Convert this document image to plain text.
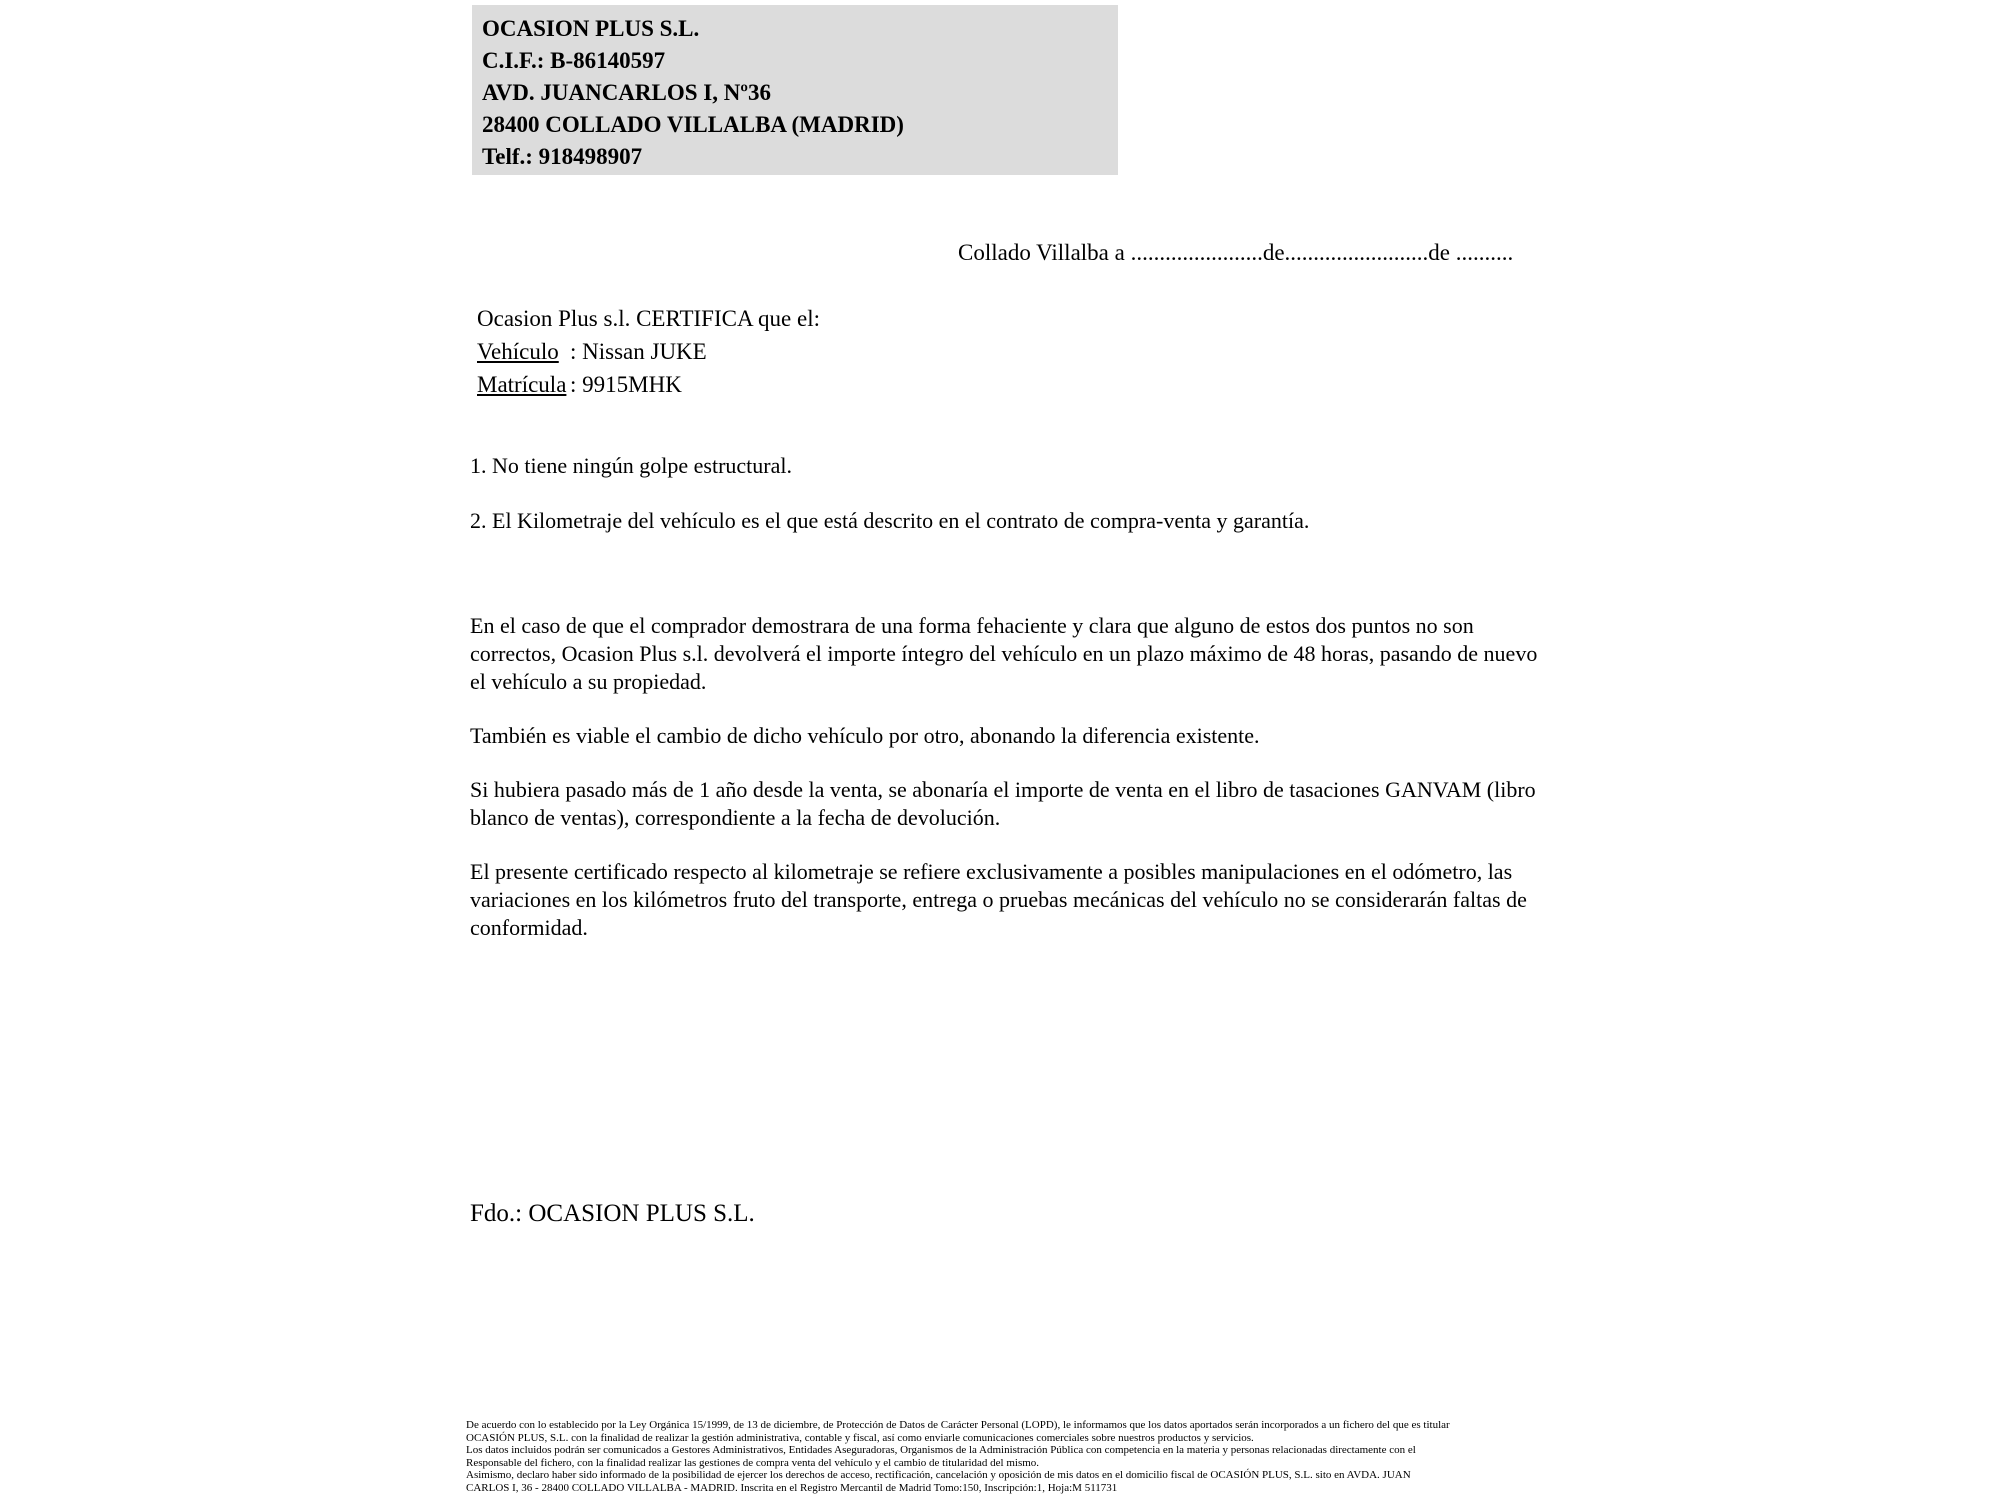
OCASION PLUS S.L.
C.I.F.: B-86140597
AVD. JUANCARLOS I, Nº36
28400 COLLADO VILLALBA (MADRID)
Telf.: 918498907
Collado Villalba a .......................de.........................de ..........
Ocasion Plus s.l. CERTIFICA que el:
Vehículo : Nissan JUKE
Matrícula : 9915MHK
1. No tiene ningún golpe estructural.
2. El Kilometraje del vehículo es el que está descrito en el contrato de compra-venta y garantía.

En el caso de que el comprador demostrara de una forma fehaciente y clara que alguno de estos dos puntos no son correctos, Ocasion Plus s.l. devolverá el importe íntegro del vehículo en un plazo máximo de 48 horas, pasando de nuevo el vehículo a su propiedad.

También es viable el cambio de dicho vehículo por otro, abonando la diferencia existente.

Si hubiera pasado más de 1 año desde la venta, se abonaría el importe de venta en el libro de tasaciones GANVAM (libro blanco de ventas), correspondiente a la fecha de devolución.

El presente certificado respecto al kilometraje se refiere exclusivamente a posibles manipulaciones en el odómetro, las variaciones en los kilómetros fruto del transporte, entrega o pruebas mecánicas del vehículo no se considerarán faltas de conformidad.

Fdo.: OCASION PLUS S.L.
De acuerdo con lo establecido por la Ley Orgánica 15/1999, de 13 de diciembre, de Protección de Datos de Carácter Personal (LOPD), le informamos que los datos aportados serán incorporados a un fichero del que es titular
OCASIÓN PLUS, S.L. con la finalidad de realizar la gestión administrativa, contable y fiscal, así como enviarle comunicaciones comerciales sobre nuestros productos y servicios.
Los datos incluidos podrán ser comunicados a Gestores Administrativos, Entidades Aseguradoras, Organismos de la Administración Pública con competencia en la materia y personas relacionadas directamente con el
Responsable del fichero, con la finalidad realizar las gestiones de compra venta del vehículo y el cambio de titularidad del mismo.
Asimismo, declaro haber sido informado de la posibilidad de ejercer los derechos de acceso, rectificación, cancelación y oposición de mis datos en el domicilio fiscal de OCASIÓN PLUS, S.L. sito en AVDA. JUAN
CARLOS I, 36 - 28400 COLLADO VILLALBA - MADRID. Inscrita en el Registro Mercantil de Madrid Tomo:150, Inscripción:1, Hoja:M 511731
